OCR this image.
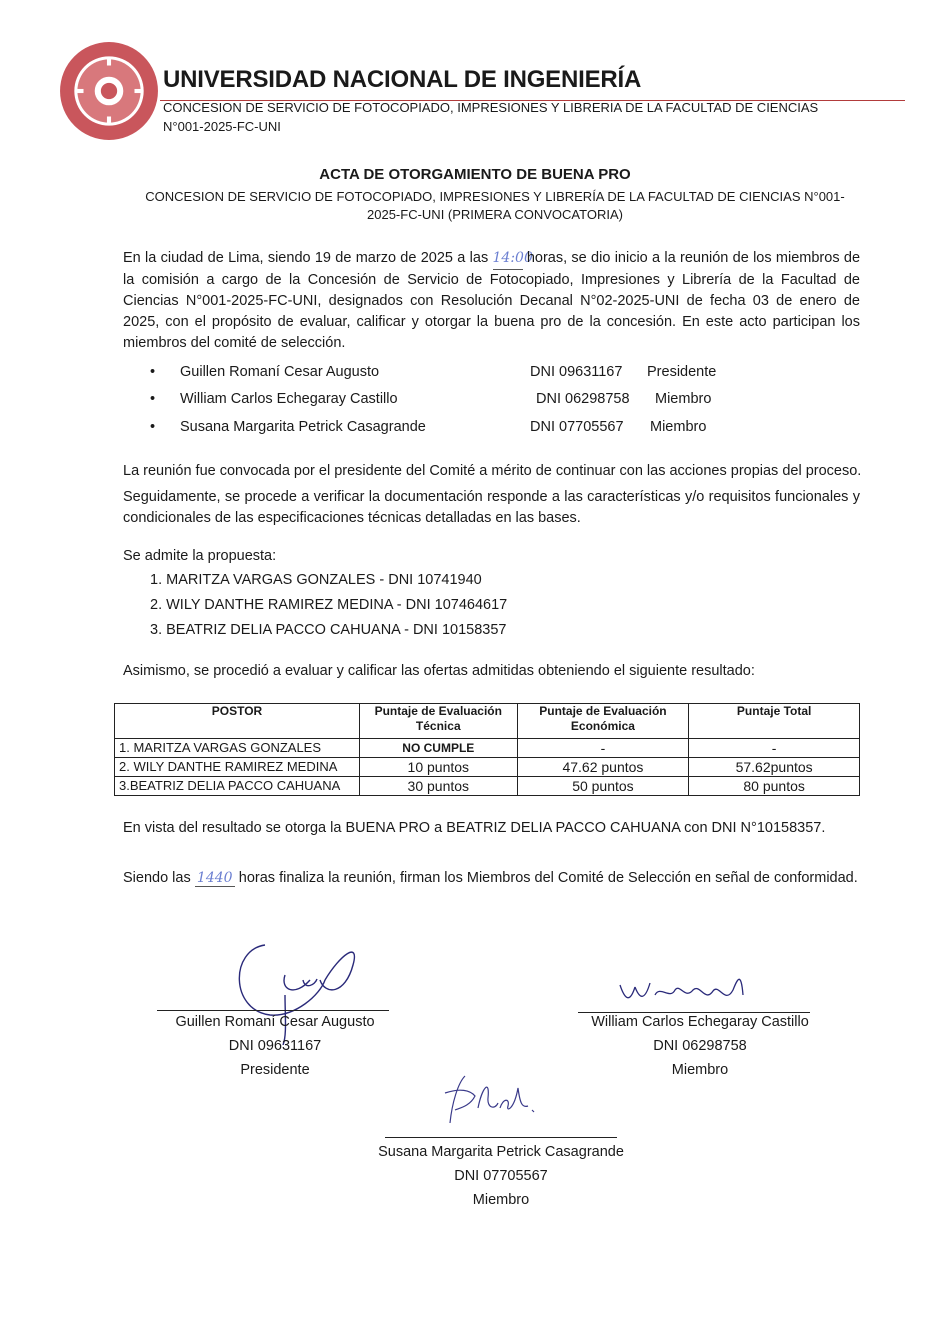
UNIVERSIDAD NACIONAL DE INGENIERÍA
CONCESION DE SERVICIO DE FOTOCOPIADO, IMPRESIONES Y LIBRERIA DE LA FACULTAD DE CIENCIAS
N°001-2025-FC-UNI
ACTA DE OTORGAMIENTO DE BUENA PRO
CONCESION DE SERVICIO DE FOTOCOPIADO, IMPRESIONES Y LIBRERÍA DE LA FACULTAD DE CIENCIAS N°001-
2025-FC-UNI (PRIMERA CONVOCATORIA)
En la ciudad de Lima, siendo 19 de marzo de 2025 a las 14:00 horas, se dio inicio a la reunión de los miembros de la comisión a cargo de la Concesión de Servicio de Fotocopiado, Impresiones y Librería de la Facultad de Ciencias N°001-2025-FC-UNI, designados con Resolución Decanal N°02-2025-UNI de fecha 03 de enero de 2025, con el propósito de evaluar, calificar y otorgar la buena pro de la concesión. En este acto participan los miembros del comité de selección.
• Guillen Romaní Cesar Augusto	DNI 09631167 Presidente
• William Carlos Echegaray Castillo	DNI 06298758 Miembro
• Susana Margarita Petrick Casagrande	DNI 07705567 Miembro
La reunión fue convocada por el presidente del Comité a mérito de continuar con las acciones propias del proceso.
Seguidamente, se procede a verificar la documentación responde a las características y/o requisitos funcionales y condicionales de las especificaciones técnicas detalladas en las bases.
Se admite la propuesta:
1. MARITZA VARGAS GONZALES - DNI 10741940
2. WILY DANTHE RAMIREZ MEDINA - DNI 107464617
3. BEATRIZ DELIA PACCO CAHUANA - DNI 10158357
Asimismo, se procedió a evaluar y calificar las ofertas admitidas obteniendo el siguiente resultado:
POSTOR	Puntaje de Evaluación Técnica	Puntaje de Evaluación Económica	Puntaje Total
1. MARITZA VARGAS GONZALES	NO CUMPLE	-	-
2. WILY DANTHE RAMIREZ MEDINA	10 puntos	47.62 puntos	57.62puntos
3.BEATRIZ DELIA PACCO CAHUANA	30 puntos	50 puntos	80 puntos
En vista del resultado se otorga la BUENA PRO a BEATRIZ DELIA PACCO CAHUANA con DNI N°10158357.
Siendo las 1440 horas finaliza la reunión, firman los Miembros del Comité de Selección en señal de conformidad.
Guillen Romaní Cesar Augusto
DNI 09631167
Presidente
William Carlos Echegaray Castillo
DNI 06298758
Miembro
Susana Margarita Petrick Casagrande
DNI 07705567
Miembro
